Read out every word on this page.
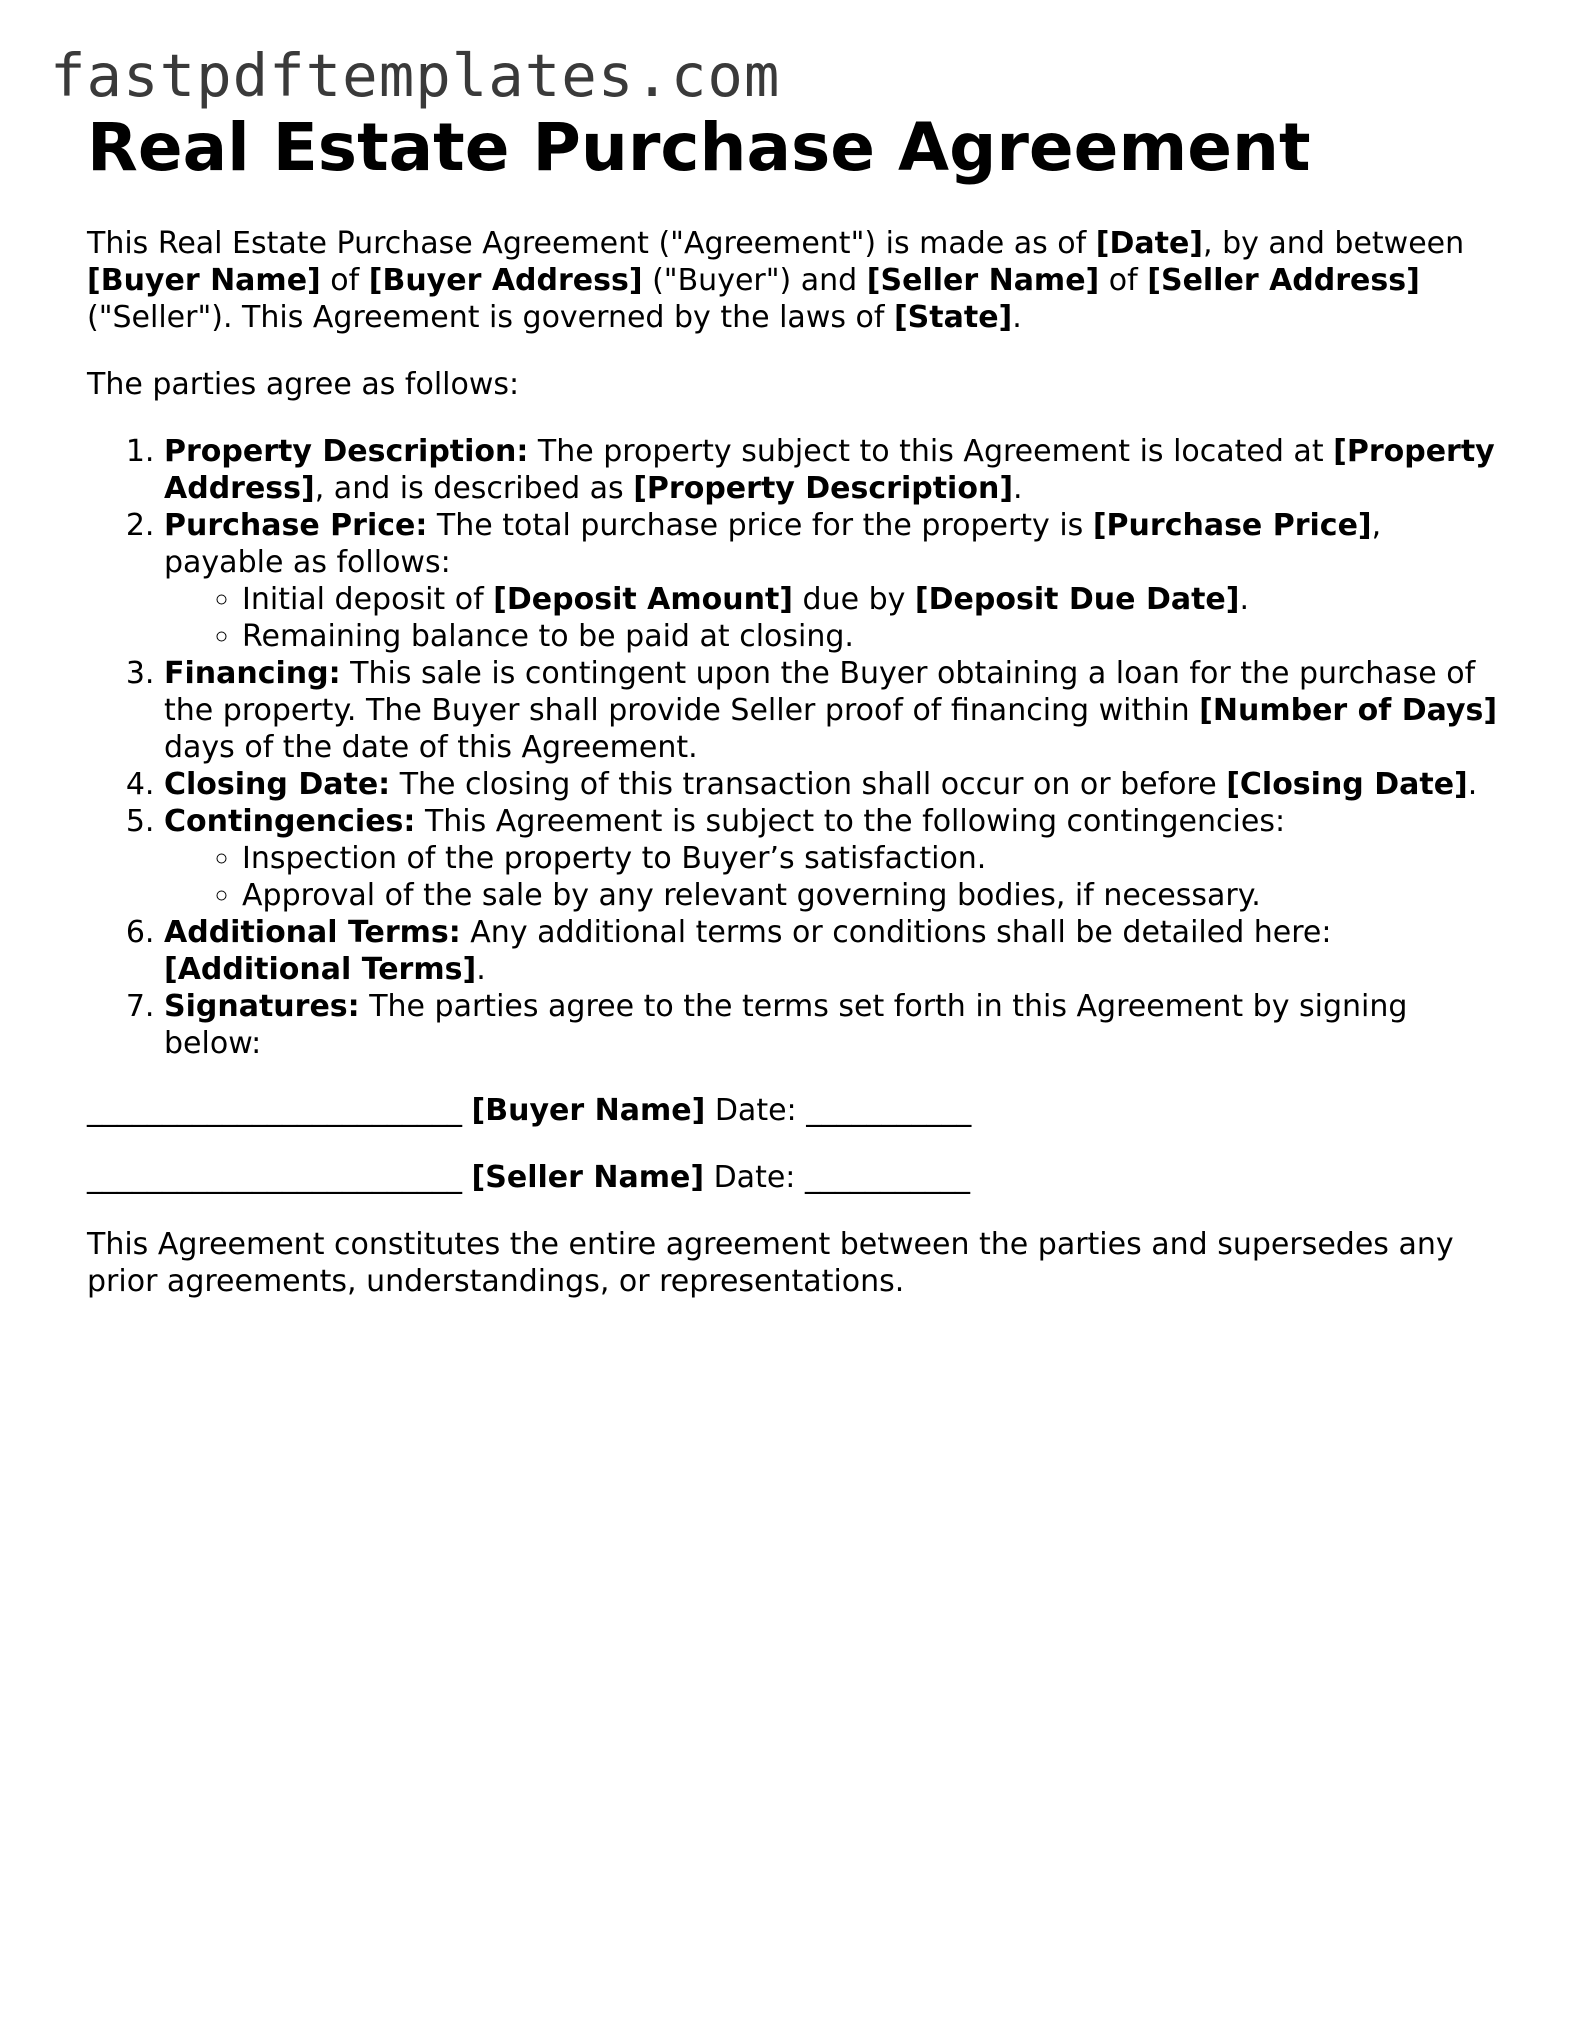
fastpdftemplates.com
Real Estate Purchase Agreement

This Real Estate Purchase Agreement ("Agreement") is made as of [Date], by and between [Buyer Name] of [Buyer Address] ("Buyer") and [Seller Name] of [Seller Address] ("Seller"). This Agreement is governed by the laws of [State].

The parties agree as follows:

1. Property Description: The property subject to this Agreement is located at [Property Address], and is described as [Property Description].
2. Purchase Price: The total purchase price for the property is [Purchase Price], payable as follows:
◦ Initial deposit of [Deposit Amount] due by [Deposit Due Date].
◦ Remaining balance to be paid at closing.
3. Financing: This sale is contingent upon the Buyer obtaining a loan for the purchase of the property. The Buyer shall provide Seller proof of financing within [Number of Days] days of the date of this Agreement.
4. Closing Date: The closing of this transaction shall occur on or before [Closing Date].
5. Contingencies: This Agreement is subject to the following contingencies:
◦ Inspection of the property to Buyer’s satisfaction.
◦ Approval of the sale by any relevant governing bodies, if necessary.
6. Additional Terms: Any additional terms or conditions shall be detailed here: [Additional Terms].
7. Signatures: The parties agree to the terms set forth in this Agreement by signing below:

_________________________ [Buyer Name] Date: ___________

_________________________ [Seller Name] Date: ___________

This Agreement constitutes the entire agreement between the parties and supersedes any prior agreements, understandings, or representations.
